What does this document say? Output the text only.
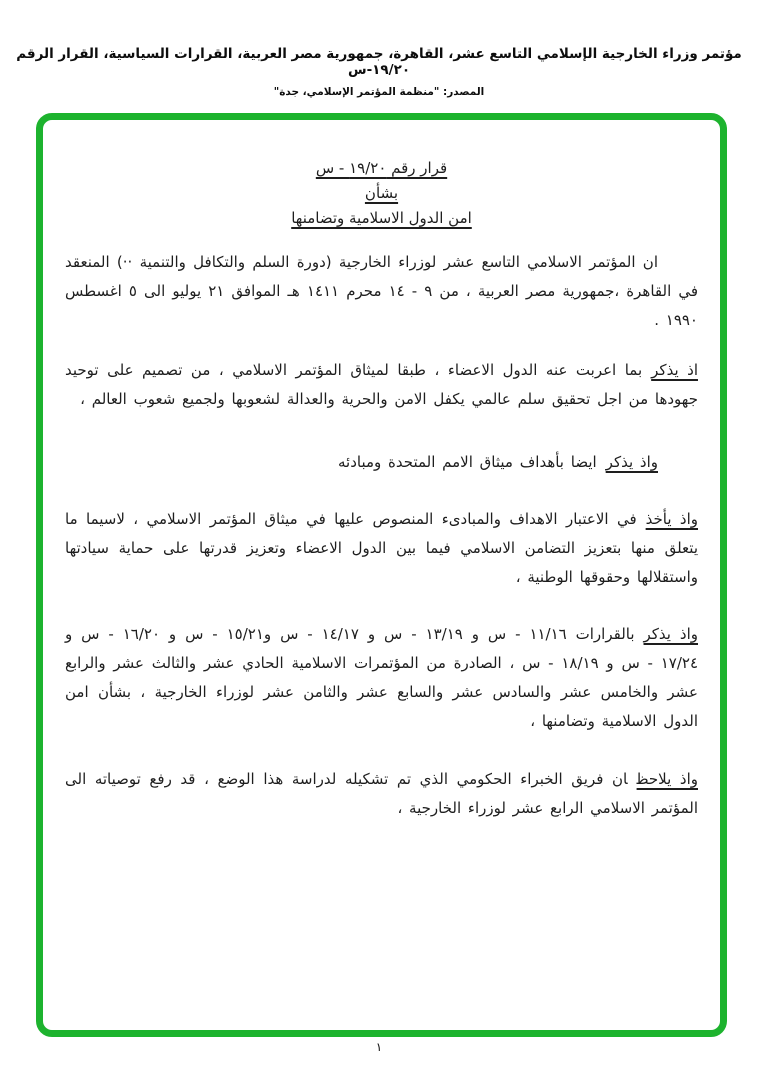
مؤتمر وزراء الخارجية الإسلامي التاسع عشر، القاهرة، جمهورية مصر العربية، القرارات السياسية، القرار الرقم ١٩/٢٠-س
المصدر: "منظمة المؤتمر الإسلامي، جدة"
قرار رقم ١٩/٢٠ - س
بشأن
امن الدول الاسلامية وتضامنها

ان المؤتمر الاسلامي التاسع عشر لوزراء الخارجية (دورة السلم والتكافل والتنمية ··) المنعقد في القاهرة ،جمهورية مصر العربية ، من ٩ - ١٤ محرم ١٤١١ هـ الموافق ٢١ يوليو الى ٥ اغسطس ١٩٩٠ .

اذ يذكربما اعربت عنه الدول الاعضاء ، طبقا لميثاق المؤتمر الاسلامي ، من تصميم على توحيد جهودها من اجل تحقيق سلم عالمي يكفل الامن والحرية والعدالة لشعوبها ولجميع شعوب العالم ،

واذ يذكرايضا بأهداف ميثاق الامم المتحدة ومبادئه

واذ يأخذفي الاعتبار الاهداف والمبادىء المنصوص عليها في ميثاق المؤتمر الاسلامي ، لاسيما ما يتعلق منها بتعزيز التضامن الاسلامي فيما بين الدول الاعضاء وتعزيز قدرتها على حماية سيادتها واستقلالها وحقوقها الوطنية ،

واذ يذكربالقرارات ١١/١٦ - س و ١٣/١٩ - س و ١٤/١٧ - س و١٥/٢١ - س و ١٦/٢٠ - س و ١٧/٢٤ - س و ١٨/١٩ - س ، الصادرة من المؤتمرات الاسلامية الحادي عشر والثالث عشر والرابع عشر والخامس عشر والسادس عشر والسابع عشر والثامن عشر لوزراء الخارجية ، بشأن امن الدول الاسلامية وتضامنها ،

واذ يلاحظان فريق الخبراء الحكومي الذي تم تشكيله لدراسة هذا الوضع ، قد رفع توصياته الى المؤتمر الاسلامي الرابع عشر لوزراء الخارجية ،

١
